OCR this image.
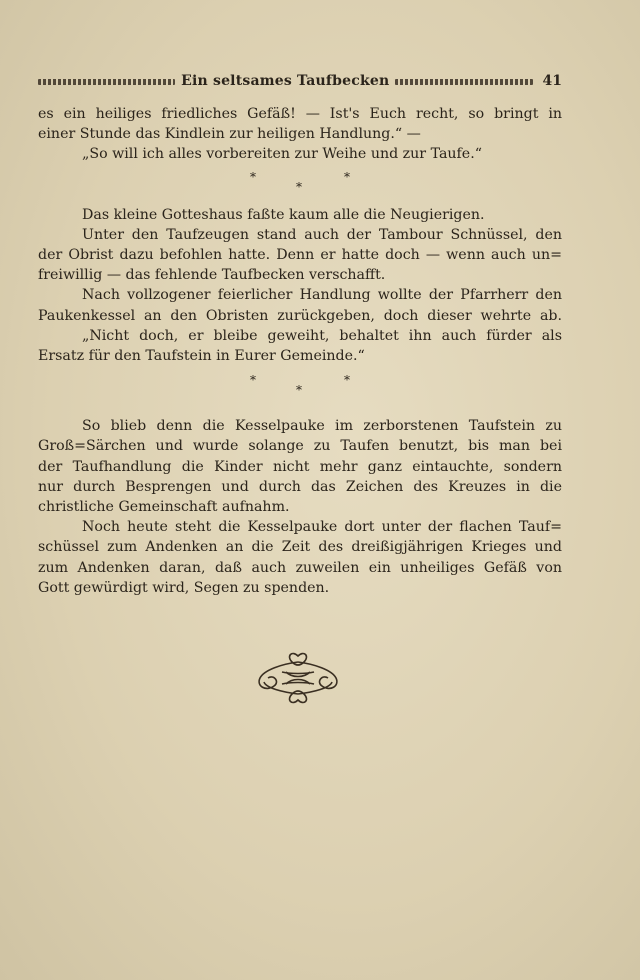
Ein seltsames Taufbecken	41

es ein heiliges friedliches Gefäß! — Ist's Euch recht, so bringt in
einer Stunde das Kindlein zur heiligen Handlung.“ —

„So will ich alles vorbereiten zur Weihe und zur Taufe.“

*
*
*

Das kleine Gotteshaus faßte kaum alle die Neugierigen.

Unter den Taufzeugen stand auch der Tambour Schnüssel, den
der Obrist dazu befohlen hatte. Denn er hatte doch — wenn auch un=
freiwillig — das fehlende Taufbecken verschafft.

Nach vollzogener feierlicher Handlung wollte der Pfarrherr den
Paukenkessel an den Obristen zurückgeben, doch dieser wehrte ab.

„Nicht doch, er bleibe geweiht, behaltet ihn auch fürder als
Ersatz für den Taufstein in Eurer Gemeinde.“

*
*
*

So blieb denn die Kesselpauke im zerborstenen Taufstein zu
Groß=Särchen und wurde solange zu Taufen benutzt, bis man bei
der Taufhandlung die Kinder nicht mehr ganz eintauchte, sondern
nur durch Besprengen und durch das Zeichen des Kreuzes in die
christliche Gemeinschaft aufnahm.

Noch heute steht die Kesselpauke dort unter der flachen Tauf=
schüssel zum Andenken an die Zeit des dreißigjährigen Krieges und
zum Andenken daran, daß auch zuweilen ein unheiliges Gefäß von
Gott gewürdigt wird, Segen zu spenden.
